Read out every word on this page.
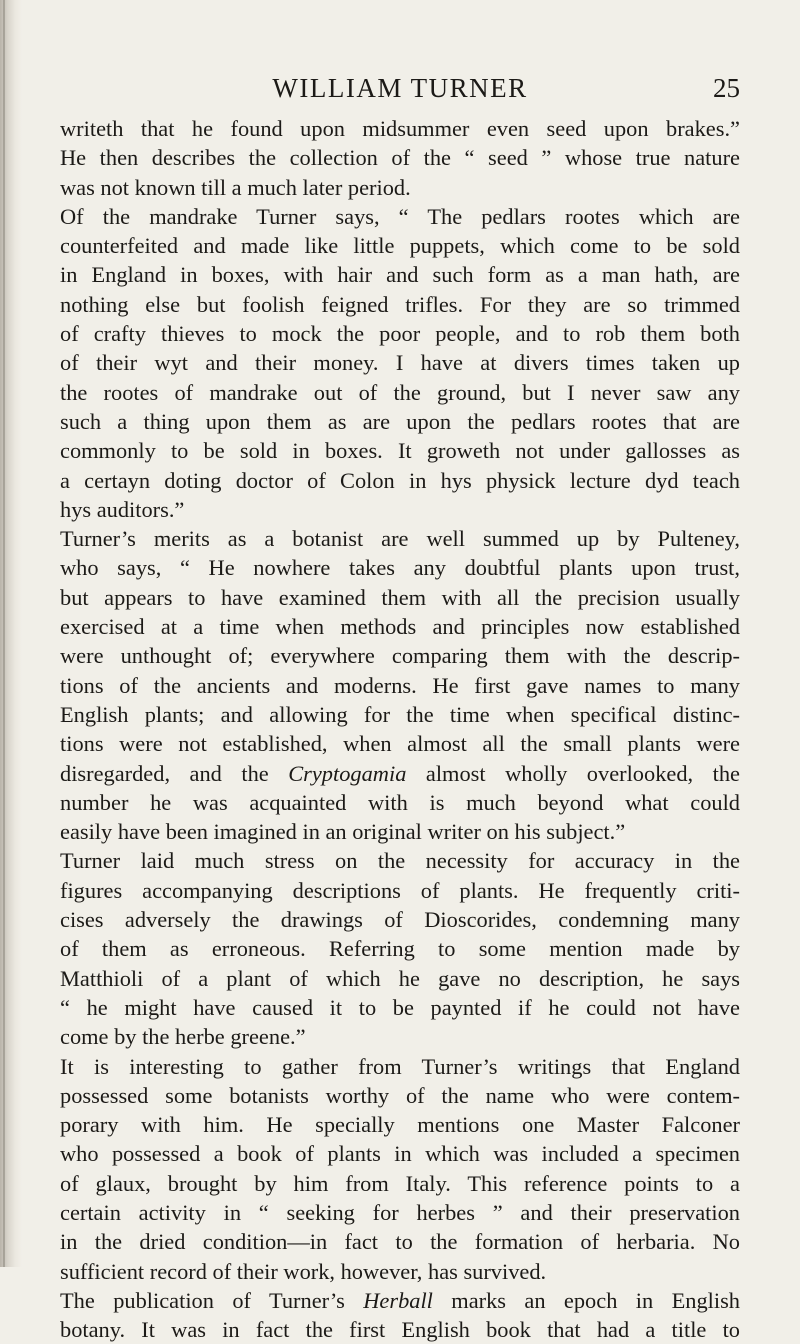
WILLIAM TURNER	25
writeth that he found upon midsummer even seed upon brakes.”
He then describes the collection of the “ seed ” whose true nature
was not known till a much later period.
Of the mandrake Turner says, “ The pedlars rootes which are
counterfeited and made like little puppets, which come to be sold
in England in boxes, with hair and such form as a man hath, are
nothing else but foolish feigned trifles. For they are so trimmed
of crafty thieves to mock the poor people, and to rob them both
of their wyt and their money. I have at divers times taken up
the rootes of mandrake out of the ground, but I never saw any
such a thing upon them as are upon the pedlars rootes that are
commonly to be sold in boxes. It groweth not under gallosses as
a certayn doting doctor of Colon in hys physick lecture dyd teach
hys auditors.”
Turner’s merits as a botanist are well summed up by Pulteney,
who says, “ He nowhere takes any doubtful plants upon trust,
but appears to have examined them with all the precision usually
exercised at a time when methods and principles now established
were unthought of; everywhere comparing them with the descrip-
tions of the ancients and moderns. He first gave names to many
English plants; and allowing for the time when specifical distinc-
tions were not established, when almost all the small plants were
disregarded, and the Cryptogamia almost wholly overlooked, the
number he was acquainted with is much beyond what could
easily have been imagined in an original writer on his subject.”
Turner laid much stress on the necessity for accuracy in the
figures accompanying descriptions of plants. He frequently criti-
cises adversely the drawings of Dioscorides, condemning many
of them as erroneous. Referring to some mention made by
Matthioli of a plant of which he gave no description, he says
“ he might have caused it to be paynted if he could not have
come by the herbe greene.”
It is interesting to gather from Turner’s writings that England
possessed some botanists worthy of the name who were contem-
porary with him. He specially mentions one Master Falconer
who possessed a book of plants in which was included a specimen
of glaux, brought by him from Italy. This reference points to a
certain activity in “ seeking for herbes ” and their preservation
in the dried condition—in fact to the formation of herbaria. No
sufficient record of their work, however, has survived.
The publication of Turner’s Herball marks an epoch in English
botany. It was in fact the first English book that had a title to
